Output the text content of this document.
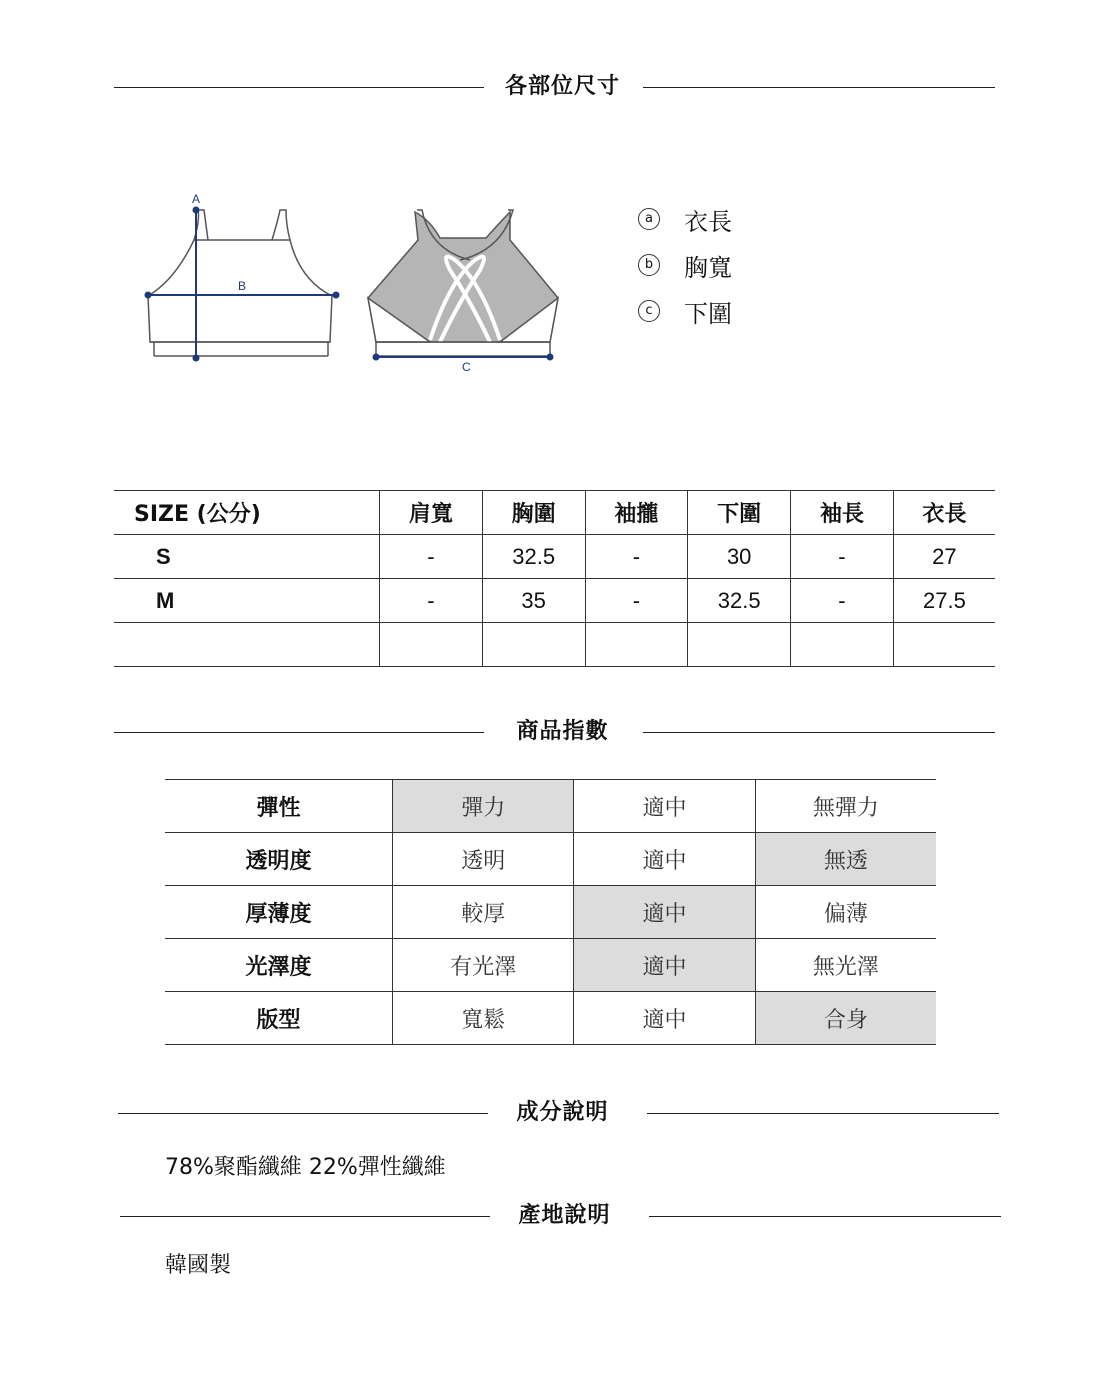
各部位尺寸
A
B
C
a 衣長
b 胸寬
c	下圍
SIZE (公分)	肩寬	胸圍	袖攏	下圍	袖長	衣長
S	-	32.5	-	30	-	27
M	-	35	-	32.5	-	27.5

商品指數
彈性	彈力	適中	無彈力
透明度	透明	適中	無透
厚薄度	較厚	適中	偏薄
光澤度	有光澤	適中	無光澤
版型	寬鬆	適中	合身
成分說明
78%聚酯纖維 22%彈性纖維
產地說明
韓國製
